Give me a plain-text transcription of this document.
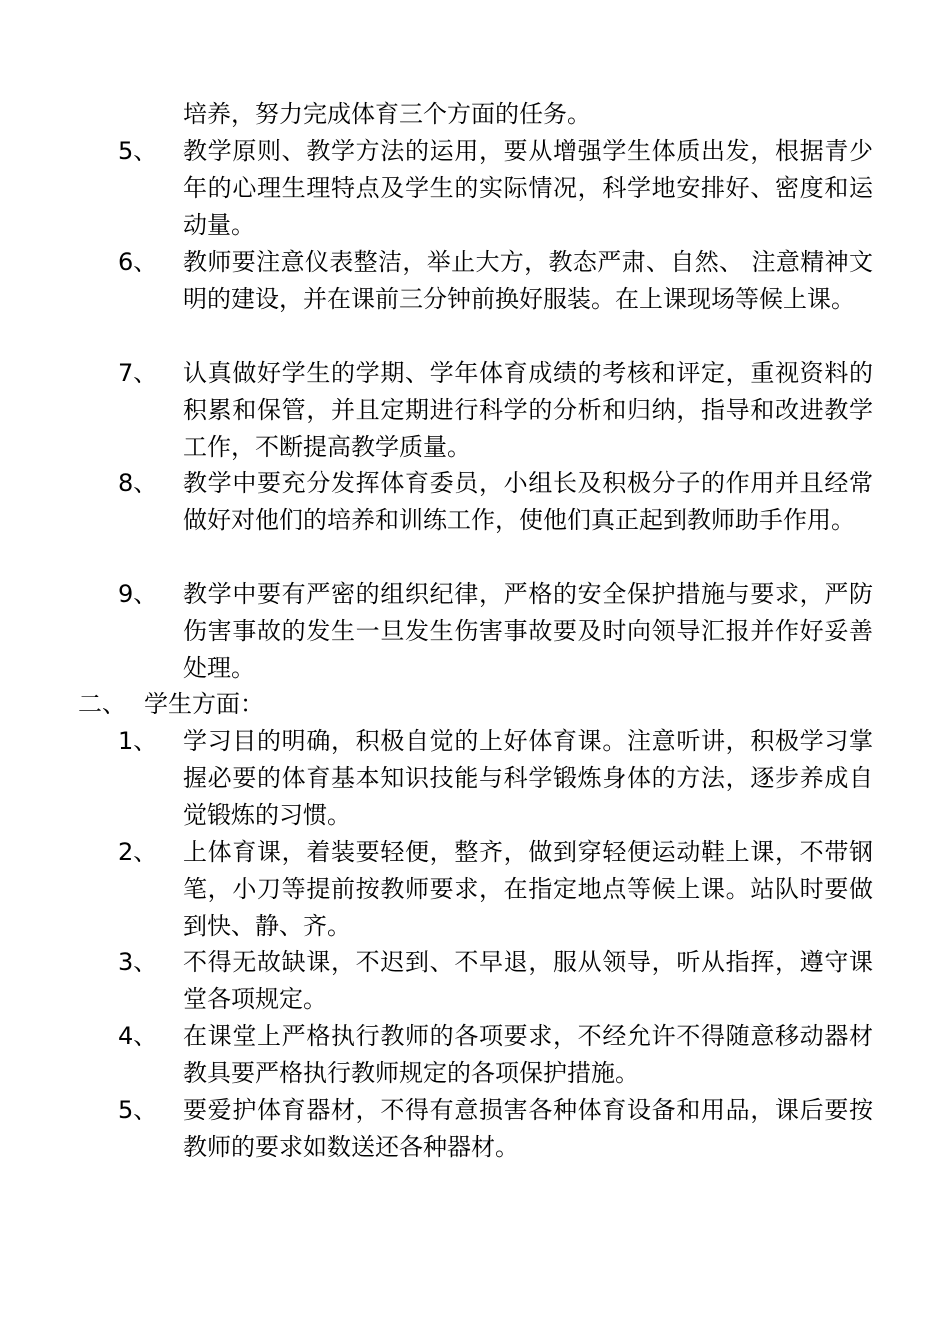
培养，努力完成体育三个方面的任务。
5、	教学原则、教学方法的运用，要从增强学生体质出发，根据青少年的心理生理特点及学生的实际情况，科学地安排好、密度和运动量。
6、	教师要注意仪表整洁，举止大方，教态严肃、自然、 注意精神文明的建设，并在课前三分钟前换好服装。在上课现场等候上课。
7、	认真做好学生的学期、学年体育成绩的考核和评定，重视资料的积累和保管，并且定期进行科学的分析和归纳，指导和改进教学工作，不断提高教学质量。
8、	教学中要充分发挥体育委员，小组长及积极分子的作用并且经常做好对他们的培养和训练工作，使他们真正起到教师助手作用。
9、	教学中要有严密的组织纪律，严格的安全保护措施与要求，严防伤害事故的发生一旦发生伤害事故要及时向领导汇报并作好妥善处理。
二、 学生方面：
1、	学习目的明确，积极自觉的上好体育课。注意听讲，积极学习掌握必要的体育基本知识技能与科学锻炼身体的方法，逐步养成自觉锻炼的习惯。
2、	上体育课，着装要轻便，整齐，做到穿轻便运动鞋上课，不带钢笔，小刀等提前按教师要求，在指定地点等候上课。站队时要做到快、静、齐。
3、	不得无故缺课，不迟到、不早退，服从领导，听从指挥，遵守课堂各项规定。
4、	在课堂上严格执行教师的各项要求，不经允许不得随意移动器材教具要严格执行教师规定的各项保护措施。
5、	要爱护体育器材，不得有意损害各种体育设备和用品，课后要按教师的要求如数送还各种器材。
